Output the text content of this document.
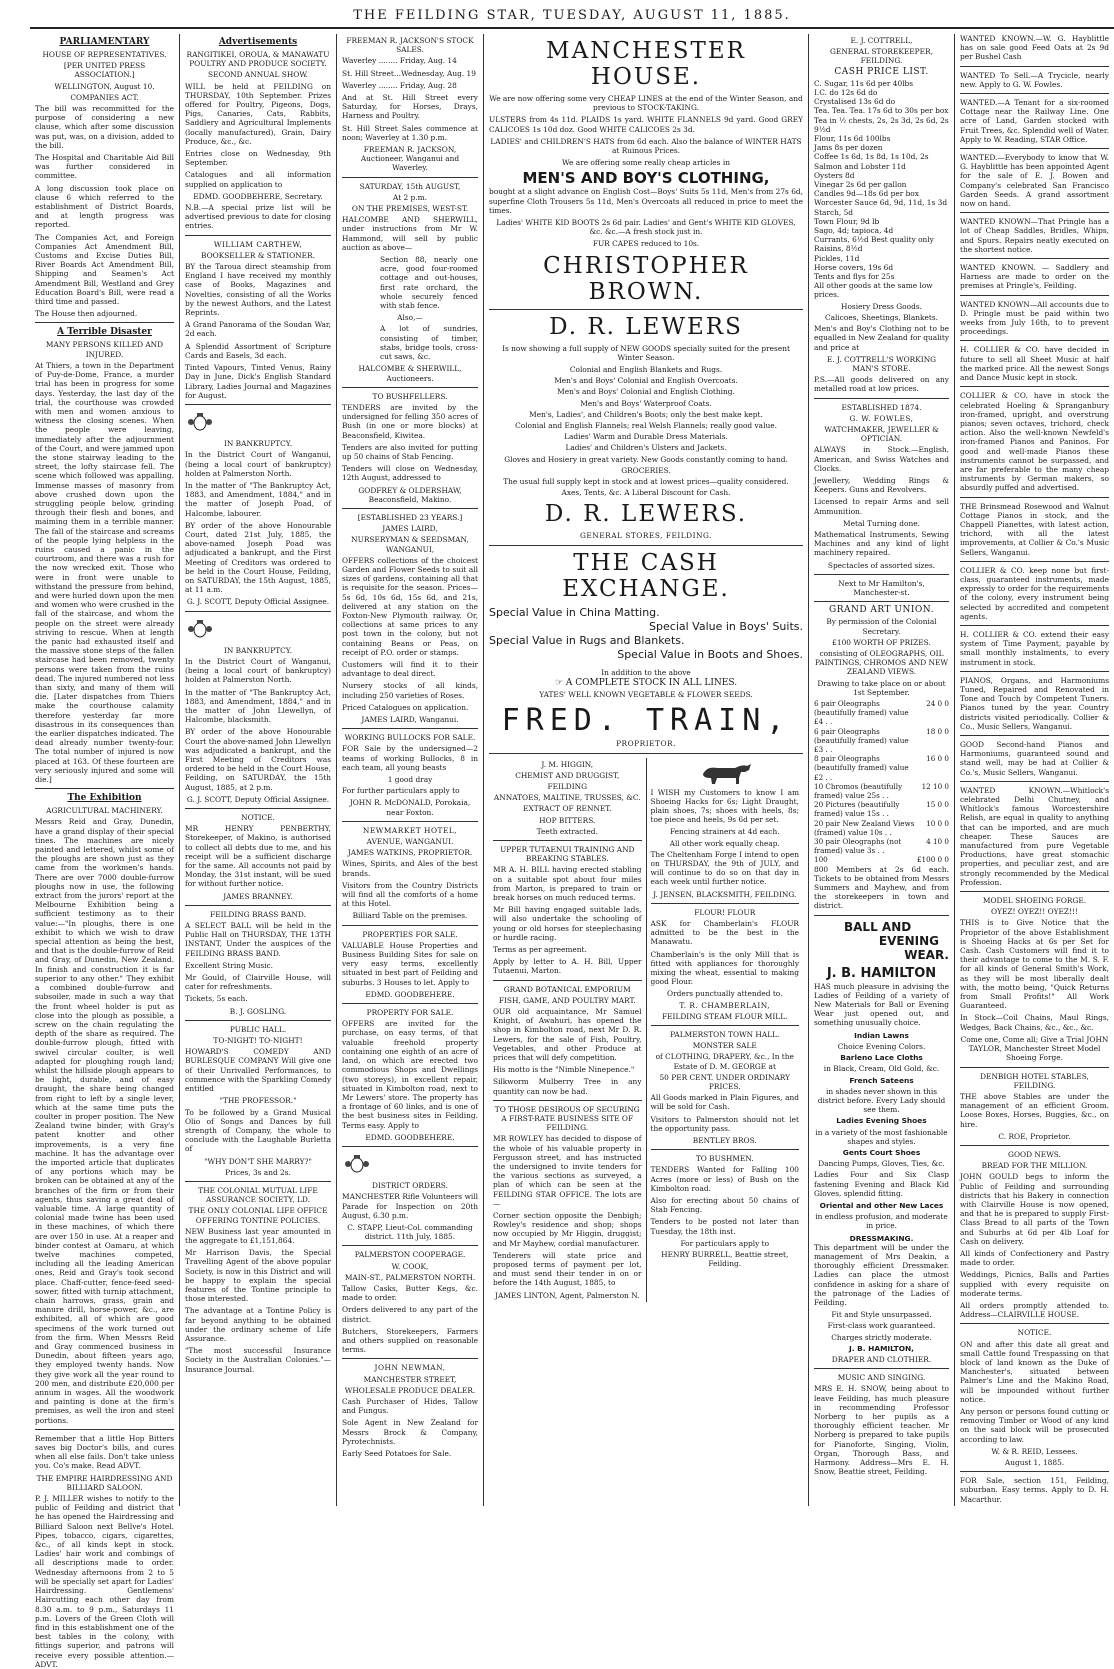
THE FEILDING STAR, TUESDAY, AUGUST 11, 1885.
PARLIAMENTARY
HOUSE OF REPRESENTATIVES.
[PER UNITED PRESS ASSOCIATION.]
WELLINGTON, August 10.
COMPANIES ACT.

The bill was recommitted for the purpose of considering a new clause, which after some discussion was put, was, on a division, added to the bill.

The Hospital and Charitable Aid Bill was further considered in committee.

A long discussion took place on clause 6 which referred to the establishment of District Boards, and at length progress was reported.

The Companies Act, and Foreign Companies Act Amendment Bill, Customs and Excise Duties Bill, River Boards Act Amendment Bill, Shipping and Seamen's Act Amendment Bill, Westland and Grey Education Board's Bill, were read a third time and passed.

The House then adjourned.

A Terrible Disaster
MANY PERSONS KILLED AND INJURED.

At Thiers, a town in the Department of Puy-de-Dome, France, a murder trial has been in progress for some days. Yesterday, the last day of the trial, the courthouse was crowded with men and women anxious to witness the closing scenes. When the people were leaving, immediately after the adjournment of the Court, and were jammed upon the stone stairway leading to the street, the lofty staircase fell. The scene which followed was appalling. Immense masses of masonry from above crushed down upon the struggling people below, grinding through their flesh and bones, and maiming them in a terrible manner. The fall of the staircase and screams of the people lying helpless in the ruins caused a panic in the courtroom, and there was a rush for the now wrecked exit. Those who were in front were unable to withstand the pressure from behind, and were hurled down upon the men and women who were crushed in the fall of the staircase, and whom the people on the street were already striving to rescue. When at length the panic had exhausted itself and the massive stone steps of the fallen staircase had been removed, twenty persons were taken from the ruins dead. The injured numbered not less than sixty, and many of them will die. [Later dispatches from Thiers make the courthouse calamity therefore yesterday far more disastrous in its consequences than the earlier dispatches indicated. The dead already number twenty-four. The total number of injured is now placed at 163. Of these fourteen are very seriously injured and some will die.]

The Exhibition
AGRICULTURAL MACHINERY.

Messrs Reid and Gray, Dunedin, have a grand display of their special tines. The machines are nicely painted and lettered, whilst some of the ploughs are shown just as they came from the workmen's hands. There are over 7000 double-furrow ploughs now in use, the following extract from the jurors' report at the Melbourne Exhibition being a sufficient testimony as to their value:—"In ploughs, there is one exhibit to which we wish to draw special attention as being the best, and that is the double-furrow of Reid and Gray, of Dunedin, New Zealand. In finish and construction it is far superior to any other." They exhibit a combined double-furrow and subsoiler, made in such a way that the front wheel holder is put as close into the plough as possible, a screw on the chain regulating the depth of the share as required. The double-furrow plough, fitted with swivel circular coulter, is well adapted for ploughing rough land; whilst the hillside plough appears to be light, durable, and of easy draught, the share being changed from right to left by a single lever, which at the same time puts the coulter in proper position. The New Zealand twine binder, with Gray's patent knotter and other improvements, is a very fine machine. It has the advantage over the imported article that duplicates of any portions which may be broken can be obtained at any of the branches of the firm or from their agents, thus saving a great deal of valuable time. A large quantity of colonial made twine has been used in these machines, of which there are over 150 in use. At a reaper and binder contest at Oamaru, at which twelve machines competed, including all the leading American ones, Reid and Gray's took second place. Chaff-cutter, fence-feed seed-sower, fitted with turnip attachment, chain harrows, grass, grain and manure drill, horse-power, &c., are exhibited, all of which are good specimens of the work turned out from the firm. When Messrs Reid and Gray commenced business in Dunedin, about fifteen years ago, they employed twenty hands. Now they give work all the year round to 200 men, and distribute £20,000 per annum in wages. All the woodwork and painting is done at the firm's premises, as well the iron and steel portions.

Remember that a little Hop Bitters saves big Doctor's bills, and cures when all else fails. Don't take unless you. Co's make. Read ADVT.

THE EMPIRE HAIRDRESSING AND BILLIARD SALOON.

P. J. MILLER wishes to notify to the public of Feilding and district that he has opened the Hairdressing and Billiard Saloon next Bellve's Hotel. Pipes, tobacco, cigars, cigarettes, &c., of all kinds kept in stock. Ladies' hair work and combings of all descriptions made to order. Wednesday afternoons from 2 to 5 will be specially set apart for Ladies' Hairdressing. Gentlemens' Haircutting each other day from 8.30 a.m. to 9 p.m., Saturdays 11 p.m. Lovers of the Green Cloth will find in this establishment one of the best tables in the colony, with fittings superior, and patrons will receive every possible attention.—ADVT.

Advertisements
RANGITIKEI, OROUA, & MANAWATU POULTRY AND PRODUCE SOCIETY.
SECOND ANNUAL SHOW.

WILL be held at FEILDING on THURSDAY, 10th September. Prizes offered for Poultry, Pigeons, Dogs, Pigs, Canaries, Cats, Rabbits, Saddlery and Agricultural Implements (locally manufactured), Grain, Dairy Produce, &c., &c.

Entries close on Wednesday, 9th September.

Catalogues and all information supplied on application to

EDMD. GOODBEHERE, Secretary.

N.B.—A special prize list will be advertised previous to date for closing entries.

WILLIAM CARTHEW,
BOOKSELLER & STATIONER.

BY the Taroua direct steamship from England I have received my monthly case of Books, Magazines and Novelties, consisting of all the Works by the newest Authors, and the Latest Reprints.

A Grand Panorama of the Soudan War, 2d each.

A Splendid Assortment of Scripture Cards and Easels, 3d each.

Tinted Vapours, Tinted Venus, Rainy Day in June, Dick's English Standard Library, Ladies Journal and Magazines for August.

IN BANKRUPTCY.

In the District Court of Wanganui, (being a local court of bankruptcy) holden at Palmerston North.

In the matter of "The Bankruptcy Act, 1883, and Amendment, 1884," and in the matter of Joseph Poad, of Halcombe, labourer.

BY order of the above Honourable Court, dated 21st July, 1885, the above-named Joseph Poad was adjudicated a bankrupt, and the First Meeting of Creditors was ordered to be held in the Court House, Feilding, on SATURDAY, the 15th August, 1885, at 11 a.m.

G. J. SCOTT, Deputy Official Assignee.
IN BANKRUPTCY.

In the District Court of Wanganui, (being a local court of bankruptcy) holden at Palmerston North.

In the matter of "The Bankruptcy Act, 1883, and Amendment, 1884," and in the matter of John Llewellyn, of Halcombe, blacksmith.

BY order of the above Honourable Court the above-named John Llewellyn was adjudicated a bankrupt, and the First Meeting of Creditors was ordered to be held in the Court House, Feilding, on SATURDAY, the 15th August, 1885, at 2 p.m.

G. J. SCOTT, Deputy Official Assignee.
NOTICE.

MR HENRY PENBERTHY, Storekeeper, of Makino, is authorised to collect all debts due to me, and his receipt will be a sufficient discharge for the same. All accounts not paid by Monday, the 31st instant, will be sued for without further notice.

JAMES BRANNEY.
FEILDING BRASS BAND.

A SELECT BALL will be held in the Public Hall on THURSDAY, THE 13TH INSTANT, Under the auspices of the FEILDING BRASS BAND.

Excellent String Music.

Mr Gould, of Clairville House, will cater for refreshments.

Tickets, 5s each.

B. J. GOSLING.
PUBLIC HALL.
TO-NIGHT! TO-NIGHT!

HOWARD'S COMEDY AND BURLESQUE COMPANY Will give one of their Unrivalled Performances, to commence with the Sparkling Comedy entitled

"THE PROFESSOR."

To be followed by a Grand Musical Olio of Songs and Dances by full strength of Company, the whole to conclude with the Laughable Burletta of

"WHY DON'T SHE MARRY?"
Prices, 3s and 2s.
THE COLONIAL MUTUAL LIFE ASSURANCE SOCIETY, LD.
THE ONLY COLONIAL LIFE OFFICE OFFERING TONTINE POLICIES.

NEW Business last year amounted in the aggregate to £1,151,864.

Mr Harrison Davis, the Special Travelling Agent of the above popular Society, is now in this District and will be happy to explain the special features of the Tontine principle to those interested.

The advantage at a Tontine Policy is far beyond anything to be obtained under the ordinary scheme of Life Assurance.

"The most successful Insurance Society in the Australian Colonies."—Insurance Journal.

FREEMAN R. JACKSON'S STOCK SALES.

Waverley ........ Friday, Aug. 14

St. Hill Street...Wednesday, Aug. 19

Waverley ........ Friday, Aug. 28

And at St. Hill Street every Saturday, for Horses, Drays, Harness and Poultry.

St. Hill Street Sales commence at noon; Waverley at 1.30 p.m.

FREEMAN R. JACKSON, Auctioneer, Wanganui and Waverley.
SATURDAY, 15th AUGUST,
At 2 p.m.
ON THE PREMISES, WEST-ST.

HALCOMBE AND SHERWILL, under instructions from Mr W. Hammond, will sell by public auction as above—

Section 88, nearly one acre, good four-roomed cottage and out-houses, first rate orchard, the whole securely fenced with stab fence.

Also,—

A lot of sundries, consisting of timber, stabs, bridge tools, cross-cut saws, &c.

HALCOMBE & SHERWILL, Auctioneers.
TO BUSHFELLERS.

TENDERS are invited by the undersigned for felling 350 acres of Bush (in one or more blocks) at Beaconsfield, Kiwitea.

Tenders are also invited for putting up 50 chains of Stab Fencing.

Tenders will close on Wednesday, 12th August, addressed to

GODFREY & OLDERSHAW, Beaconsfield, Makino.
[ESTABLISHED 23 YEARS.]
JAMES LAIRD,
NURSERYMAN & SEEDSMAN, WANGANUI,

OFFERS collections of the choicest Garden and Flower Seeds to suit all sizes of gardens, containing all that is requisite for the season. Prices—5s 6d, 10s 6d, 15s 6d, and 21s, delivered at any station on the Foxton-New Plymouth railway. Or, collections at same prices to any post town in the colony, but not containing Beans or Peas, on receipt of P.O. order or stamps.

Customers will find it to their advantage to deal direct.

Nursery stocks of all kinds, including 250 varieties of Roses.

Priced Catalogues on application.

JAMES LAIRD, Wanganui.
WORKING BULLOCKS FOR SALE.

FOR Sale by the undersigned—2 teams of working Bullocks, 8 in each team, all young beasts

1 good dray

For further particulars apply to

JOHN R. McDONALD, Porokaia, near Foxton.
NEWMARKET HOTEL,
AVENUE, WANGANUI.
JAMES WATKINS, PROPRIETOR.

Wines, Spirits, and Ales of the best brands.

Visitors from the Country Districts will find all the comforts of a home at this Hotel.

Billiard Table on the premises.
PROPERTIES FOR SALE.

VALUABLE House Properties and Business Building Sites for sale on very easy terms, excellently situated in best part of Feilding and suburbs. 3 Houses to let. Apply to

EDMD. GOODBEHERE.
PROPERTY FOR SALE.

OFFERS are invited for the purchase, on easy terms, of that valuable freehold property containing one eighth of an acre of land, on which are erected two commodious Shops and Dwellings (two storeys), in excellent repair, situated in Kimbolton road, next to Mr Lewers' store. The property has a frontage of 60 links, and is one of the best business sites in Feilding. Terms easy. Apply to

EDMD. GOODBEHERE.
DISTRICT ORDERS.

MANCHESTER Rifle Volunteers will Parade for Inspection on 20th August, 6.30 p.m.

C. STAPP, Lieut-Col. commanding district. 11th July, 1885.
PALMERSTON COOPERAGE.
W. COOK,
MAIN-ST., PALMERSTON NORTH.

Tallow Casks, Butter Kegs, &c. made to order.

Orders delivered to any part of the district.

Butchers, Storekeepers, Farmers and others supplied on reasonable terms.

JOHN NEWMAN,
MANCHESTER STREET,
WHOLESALE PRODUCE DEALER.

Cash Purchaser of Hides, Tallow and Fungus.

Sole Agent in New Zealand for Messrs Brock & Company, Pyrotechnists.

Early Seed Potatoes for Sale.

MANCHESTER HOUSE.

We are now offering some very CHEAP LINES at the end of the Winter Season, and previous to STOCK-TAKING.

ULSTERS from 4s 11d. PLAIDS 1s yard. WHITE FLANNELS 9d yard. Good GREY CALICOES 1s 10d doz. Good WHITE CALICOES 2s 3d.

LADIES' and CHILDREN'S HATS from 6d each. Also the balance of WINTER HATS at Ruinous Prices.

We are offering some really cheap articles in

MEN'S AND BOY'S CLOTHING,

bought at a slight advance on English Cost—Boys' Suits 5s 11d, Men's from 27s 6d, superfine Cloth Trousers 5s 11d, Men's Overcoats all reduced in price to meet the times.

Ladies' WHITE KID BOOTS 2s 6d pair. Ladies' and Gent's WHITE KID GLOVES, &c. &c.—A fresh stock just in.

FUR CAPES reduced to 10s.

CHRISTOPHER BROWN.
D. R. LEWERS

Is now showing a full supply of NEW GOODS specially suited for the present Winter Season.

Colonial and English Blankets and Rugs.
Men's and Boys' Colonial and English Overcoats.
Men's and Boys' Colonial and English Clothing.
Men's and Boys' Waterproof Coats.
Men's, Ladies', and Children's Boots; only the best make kept.
Colonial and English Flannels; real Welsh Flannels; really good value.
Ladies' Warm and Durable Dress Materials.
Ladies' and Children's Ulsters and Jackets.
Gloves and Hosiery in great variety. New Goods constantly coming to hand.
GROCERIES.
The usual full supply kept in stock and at lowest prices—quality considered.
Axes, Tents, &c. A Liberal Discount for Cash.
D. R. LEWERS.
GENERAL STORES, FEILDING.
THE CASH EXCHANGE.
Special Value in China Matting.
Special Value in Boys' Suits.
Special Value in Rugs and Blankets.
Special Value in Boots and Shoes.
In addition to the above
☞ A COMPLETE STOCK IN ALL LINES.
YATES' WELL KNOWN VEGETABLE & FLOWER SEEDS.
FRED. TRAIN,
PROPRIETOR.
J. M. HIGGIN,
CHEMIST AND DRUGGIST,
FEILDING
ANNATOES, MALTINE, TRUSSES, &C.
EXTRACT OF RENNET.
HOP BITTERS.
Teeth extracted.
UPPER TUTAENUI TRAINING AND BREAKING STABLES.

MR A. H. BILL having erected stabling on a suitable spot about four miles from Marton, is prepared to train or break horses on much reduced terms.

Mr Bill having engaged suitable lads, will also undertake the schooling of young or old horses for steeplechasing or hurdle racing.

Terms as per agreement.

Apply by letter to A. H. Bill, Upper Tutaenui, Marton.

GRAND BOTANICAL EMPORIUM
FISH, GAME, AND POULTRY MART.

OUR old acquaintance, Mr Samuel Knight, of Awahuri, has opened the shop in Kimbolton road, next Mr D. R. Lewers, for the sale of Fish, Poultry, Vegetables, and other Produce at prices that will defy competition.

His motto is the "Nimble Ninepence."

Silkworm Mulberry Tree in any quantity can now be had.

TO THOSE DESIROUS OF SECURING A FIRST-RATE BUSINESS SITE OF FEILDING.

MR ROWLEY has decided to dispose of the whole of his valuable property in Fergusson street, and has instructed the undersigned to invite tenders for the various sections as surveyed, a plan of which can be seen at the FEILDING STAR OFFICE. The lots are—

Corner section opposite the Denbigh; Rowley's residence and shop; shops now occupied by Mr Higgin, druggist; and Mr Mayhew, cordial manufacturer.

Tenderers will state price and proposed terms of payment per lot, and must send their tender in on or before the 14th August, 1885, to

JAMES LINTON, Agent, Palmerston N.

I WISH my Customers to know I am Shoeing Hacks for 6s; Light Draught, plain shoes, 7s; shoes with heels, 8s; toe piece and heels, 9s 6d per set.

Fencing strainers at 4d each.
All other work equally cheap.

The Cheltenham Forge I intend to open on THURSDAY, the 9th of JULY, and will continue to do so on that day in each week until further notice.

J. JENSEN, BLACKSMITH, FEILDING.
FLOUR! FLOUR

ASK for Chamberlain's FLOUR admitted to be the best in the Manawatu.

Chamberlain's is the only Mill that is fitted with appliances for thoroughly mixing the wheat, essential to making good Flour.

Orders punctually attended to.
T. R. CHAMBERLAIN,
FEILDING STEAM FLOUR MILL.
PALMERSTON TOWN HALL.
MONSTER SALE
of CLOTHING, DRAPERY, &c., In the Estate of D. M. GEORGE at
50 PER CENT. UNDER ORDINARY PRICES.

All Goods marked in Plain Figures, and will be sold for Cash.

Visitors to Palmerston should not let the opportunity pass.

BENTLEY BROS.
TO BUSHMEN.

TENDERS Wanted for Falling 100 Acres (more or less) of Bush on the Kimbolton road.

Also for erecting about 50 chains of Stab Fencing.

Tenders to be posted not later than Tuesday, the 18th inst.

For particulars apply to
HENRY BURRELL, Beattie street, Feilding.
E. J. COTTRELL,
GENERAL STOREKEEPER, FEILDING.
CASH PRICE LIST.
C. Sugar, 11s 6d per 40lbs
I.C. do 12s 6d do
Crystalised 13s 6d do
Tea. Tea. Tea. 17s 6d to 30s per box
Tea in ½ chests, 2s, 2s 3d, 2s 6d, 2s 9½d
Flour, 11s 6d 100lbs
Jams 8s per dozen
Coffee 1s 6d, 1s 8d, 1s 10d, 2s
Salmon and Lobster 11d
Oysters 8d
Vinegar 2s 6d per gallon
Candles 9d—18s 6d per box
Worcester Sauce 6d, 9d, 11d, 1s 3d
Starch, 5d
Town Flour, 9d lb
Sago, 4d; tapioca, 4d
Currants, 6½d Best quality only
Raisins, 8½d
Pickles, 11d
Horse covers, 19s 6d
Tents and flys for 25s
All other goods at the same low prices.
Hosiery Dress Goods.
Calicoes, Sheetings, Blankets.

Men's and Boy's Clothing not to be equalled in New Zealand for quality and price at

E. J. COTTRELL'S WORKING MAN'S STORE.

P.S.—All goods delivered on any metalled road at low prices.

ESTABLISHED 1874.
G. W. FOWLES,
WATCHMAKER, JEWELLER & OPTICIAN.

ALWAYS in Stock.—English, American, and Swiss Watches and Clocks.

Jewellery, Wedding Rings & Keepers. Guns and Revolvers.

Licensed to repair Arms and sell Ammunition.

Metal Turning done.

Mathematical Instruments, Sewing Machines and any kind of light machinery repaired.

Spectacles of assorted sizes.
Next to Mr Hamilton's, Manchester-st.
GRAND ART UNION.
By permission of the Colonial Secretary.
£100 WORTH OF PRIZES.
consisting of OLEOGRAPHS, OIL PAINTINGS, CHROMOS AND NEW ZEALAND VIEWS.
Drawing to take place on or about 1st September.
6 pair Oleographs (beautifully framed) value £4 . .	24 0 0
6 pair Oleographs (beautifully framed) value £3 . .	18 0 0
8 pair Oleographs (beautifully framed) value £2 . .	16 0 0
10 Chromos (beautifully framed) value 25s . .	12 10 0
20 Pictures (beautifully framed) value 15s . .	15 0 0
20 pair New Zealand Views (framed) value 10s . .	10 0 0
30 pair Oleographs (not framed) value 3s . .	4 10 0
100	£100 0 0

800 Members at 2s 6d each. Tickets to be obtained from Messrs Summers and Mayhew, and from the storekeepers in town and district.

BALL AND
EVENING
WEAR.
J. B. HAMILTON

HAS much pleasure in advising the Ladies of Feilding of a variety of New Materials for Ball or Evening Wear just opened out, and something unusually choice.

Indian Lawns
Choice Evening Colors.
Barleno Lace Cloths
in Black, Cream, Old Gold, &c.
French Sateens
in shades never shown in this district before. Every Lady should see them.
Ladies Evening Shoes
in a variety of the most fashionable shapes and styles.
Gents Court Shoes
Dancing Pumps, Gloves, Ties, &c.

Ladies Four and Six Clasp fastening Evening and Black Kid Gloves, splendid fitting.

Oriental and other New Laces
in endless profusion, and moderate in price.
DRESSMAKING.

This department will be under the management of Mrs Deakin, a thoroughly efficient Dressmaker. Ladies can place the utmost confidence in asking for a share of the patronage of the Ladies of Feilding.

Fit and Style unsurpassed.
First-class work guaranteed.
Charges strictly moderate.
J. B. HAMILTON,
DRAPER AND CLOTHIER.
MUSIC AND SINGING.

MRS E. H. SNOW, being about to leave Feilding, has much pleasure in recommending Professor Norberg to her pupils as a thoroughly efficient teacher. Mr Norberg is prepared to take pupils for Pianoforte, Singing, Violin, Organ, Thorough Bass, and Harmony. Address—Mrs E. H. Snow, Beattie street, Feilding.

WANTED KNOWN.—W. G. Hayblittle has on sale good Feed Oats at 2s 9d per Bushel Cash

WANTED To Sell.—A Trycicle, nearly new. Apply to G. W. Fowles.

WANTED.—A Tenant for a six-roomed Cottage near the Railway Line. One acre of Land, Garden stocked with Fruit Trees, &c. Splendid well of Water. Apply to W. Reading, STAR Office.

WANTED.—Everybody to know that W. G. Hayblittle has been appointed Agent for the sale of E. J. Bowen and Company's celebrated San Francisco Garden Seeds. A grand assortment now on hand.

WANTED KNOWN—That Pringle has a lot of Cheap Saddles, Bridles, Whips, and Spurs. Repairs neatly executed on the shortest notice.

WANTED KNOWN. — Saddlery and Harness are made to order on the premises at Pringle's, Feilding.

WANTED KNOWN—All accounts due to D. Pringle must be paid within two weeks from July 16th, to to prevent proceedings.

H. COLLIER & CO. have decided in future to sell all Sheet Music at half the marked price. All the newest Songs and Dance Music kept in stock.

COLLIER & CO. have in stock the celebrated Hoeling & Spranganbury iron-framed, upright, and overstrung pianos; seven octaves, trichord, check action. Also the well-known Newfeld's iron-framed Pianos and Paninos. For good and well-made Pianos these instruments cannot be surpassed, and are far preferable to the many cheap instruments by German makers, so absurdly puffed and advertised.

THE Brinsmead Rosewood and Walnut Cottage Pianos in stock, and the Chappell Pianettes, with latest action, trichord, with all the latest improvements, at Collier & Co.'s Music Sellers, Wanganui.

COLLIER & CO. keep none but first-class, guaranteed instruments, made expressly to order for the requirements of the colony, every instrument being selected by accredited and competent agents.

H. COLLIER & CO. extend their easy system of Time Payment, payable by small monthly instalments, to every instrument in stock.

PIANOS, Organs, and Harmoniums Tuned, Repaired and Renovated in Tone and Touch by Competent Tuners. Pianos tuned by the year. Country districts visited periodically. Collier & Co., Music Sellers, Wanganui.

GOOD Second-hand Pianos and Harmoniums, guaranteed sound and stand well, may be had at Collier & Co.'s, Music Sellers, Wanganui.

WANTED KNOWN.—Whitlock's celebrated Delhi Chutney, and Whitlock's famous Worcestershire Relish, are equal in quality to anything that can be imported, and are much cheaper. These Sauces are manufactured from pure Vegetable Productions, have great stomachic properties, and peculiar zest, and are strongly recommended by the Medical Profession.

MODEL SHOEING FORGE.
OYEZ! OYEZ!! OYEZ!!!

THIS is to Give Notice that the Proprietor of the above Establishment is Shoeing Hacks at 6s per Set for Cash. Cash Customers will find it to their advantage to come to the M. S. F. for all kinds of General Smith's Work, as they will be most liberally dealt with, the motto being, "Quick Returns from Small Profits!" All Work Guaranteed.

In Stock—Coil Chains, Maul Rings, Wedges, Back Chains, &c., &c., &c.

Come one, Come all; Give a Trial JOHN TAYLOR, Manchester Street Model Shoeing Forge.

DENBIGH HOTEL STABLES, FEILDING.

THE above Stables are under the management of an efficient Groom. Loose Boxes, Horses, Buggies, &c., on hire.

C. ROE, Proprietor.
GOOD NEWS.
BREAD FOR THE MILLION.

JOHN GOULD begs to inform the Public of Feilding and surrounding districts that his Bakery in connection with Clairville House is now opened, and that he is prepared to supply First-Class Bread to all parts of the Town and Suburbs at 6d per 4lb Loaf for Cash on delivery.

All kinds of Confectionery and Pastry made to order.

Weddings, Picnics, Balls and Parties supplied with every requisite on moderate terms.

All orders promptly attended to. Address—CLAIRVILLE HOUSE.

NOTICE.

ON and after this date all great and small Cattle found Trespassing on that block of land known as the Duke of Manchester's, situated between Palmer's Line and the Makino Road, will be impounded without further notice.

Any person or persons found cutting or removing Timber or Wood of any kind on the said block will be prosecuted according to law.

W. & R. REID, Lessees.
August 1, 1885.

FOR Sale, section 151, Feilding, suburban. Easy terms. Apply to D. H. Macarthur.
